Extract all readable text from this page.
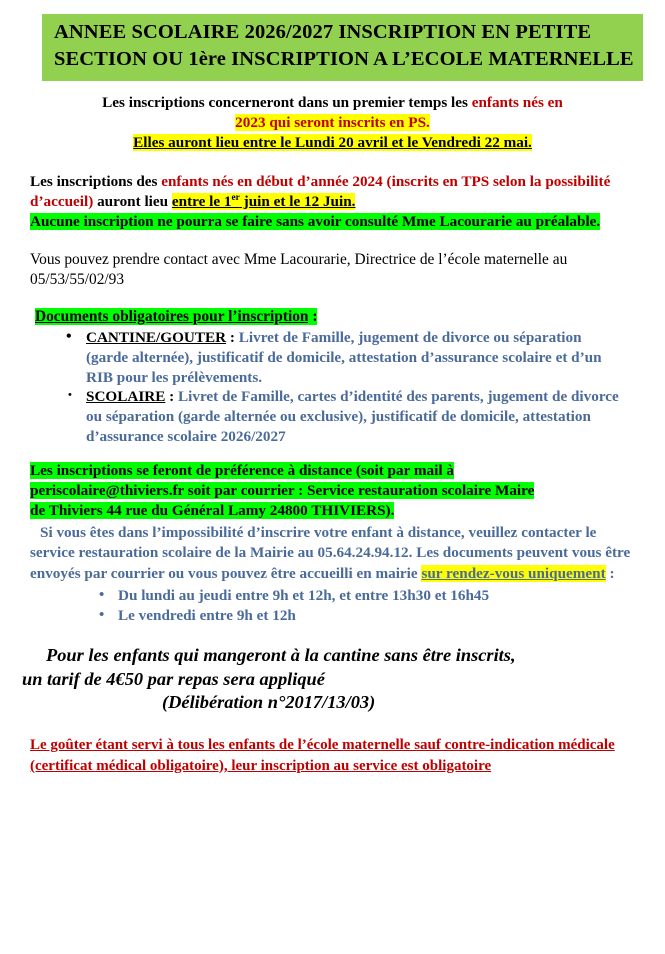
ANNEE SCOLAIRE 2026/2027 INSCRIPTION EN PETITE SECTION OU 1ère INSCRIPTION A L’ECOLE MATERNELLE
Les inscriptions concerneront dans un premier temps les enfants nés en
2023 qui seront inscrits en PS.
Elles auront lieu entre le Lundi 20 avril et le Vendredi 22 mai.
Les inscriptions des enfants nés en début d’année 2024 (inscrits en TPS selon la possibilité d’accueil) auront lieu entre le 1er juin et le 12 Juin.
Aucune inscription ne pourra se faire sans avoir consulté Mme Lacourarie au préalable.
Vous pouvez prendre contact avec Mme Lacourarie, Directrice de l’école maternelle au 05/53/55/02/93
Documents obligatoires pour l’inscription :
• CANTINE/GOUTER : Livret de Famille, jugement de divorce ou séparation (garde alternée), justificatif de domicile, attestation d’assurance scolaire et d’un RIB pour les prélèvements.
• SCOLAIRE : Livret de Famille, cartes d’identité des parents, jugement de divorce ou séparation (garde alternée ou exclusive), justificatif de domicile, attestation d’assurance scolaire 2026/2027
Les inscriptions se feront de préférence à distance (soit par mail à
periscolaire@thiviers.fr soit par courrier : Service restauration scolaire Maire
de Thiviers 44 rue du Général Lamy 24800 THIVIERS).
Si vous êtes dans l’impossibilité d’inscrire votre enfant à distance, veuillez contacter le service restauration scolaire de la Mairie au 05.64.24.94.12. Les documents peuvent vous être envoyés par courrier ou vous pouvez être accueilli en mairie sur rendez-vous uniquement :
• Du lundi au jeudi entre 9h et 12h, et entre 13h30 et 16h45
• Le vendredi entre 9h et 12h
Pour les enfants qui mangeront à la cantine sans être inscrits,
un tarif de 4€50 par repas sera appliqué
(Délibération n°2017/13/03)
Le goûter étant servi à tous les enfants de l’école maternelle sauf contre-indication médicale (certificat médical obligatoire), leur inscription au service est obligatoire
